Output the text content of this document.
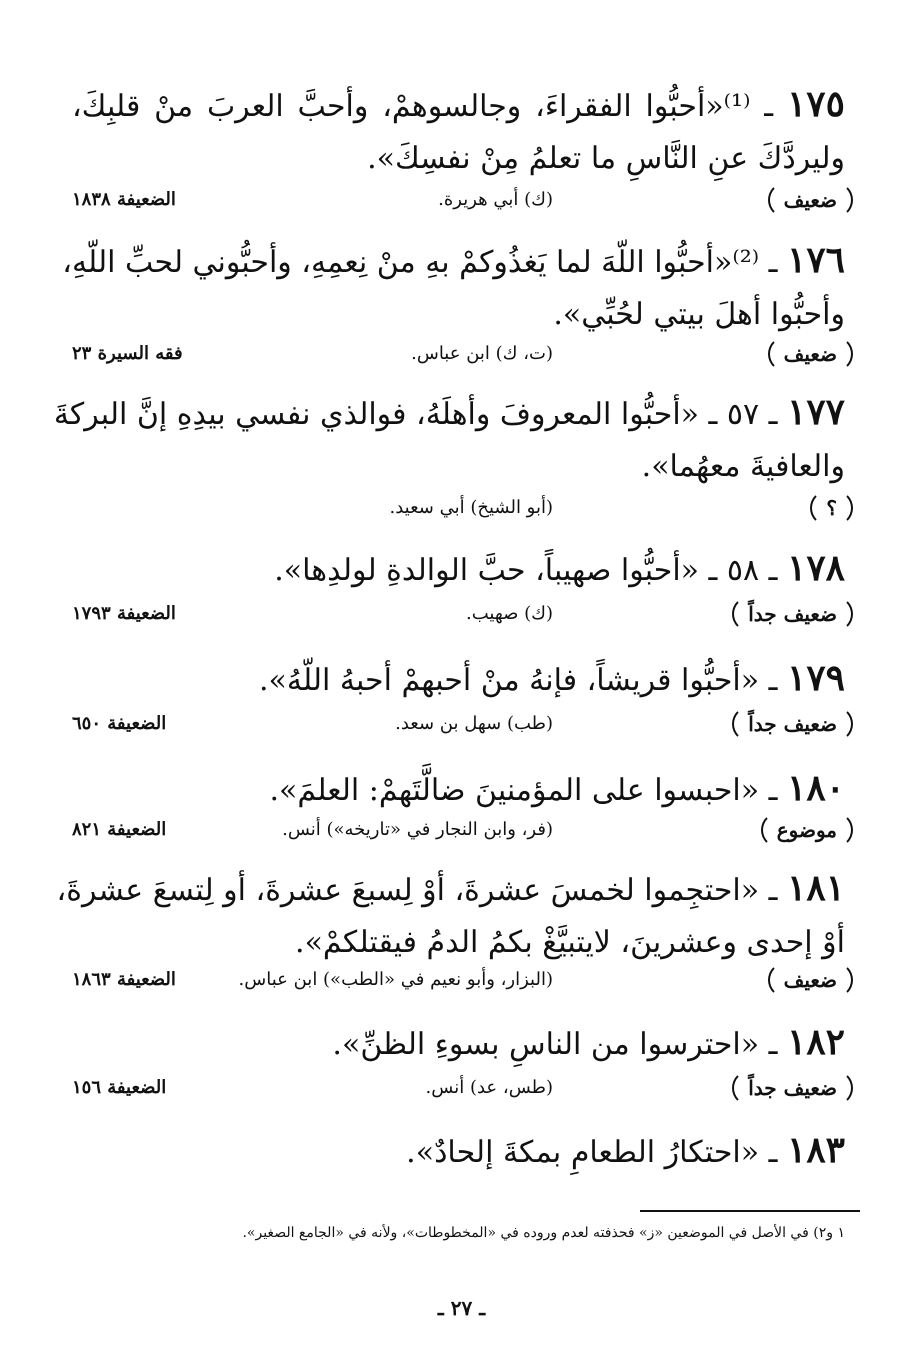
١٧٥ ـ ⁽¹⁾«أحبُّوا الفقراءَ، وجالسوهمْ، وأحبَّ العربَ منْ قلبِكَ،
وليردَّكَ عنِ النَّاسِ ما تعلمُ مِنْ نفسِكَ».
ضعيف
(ك) أبي هريرة.
الضعيفة ١٨٣٨
١٧٦ ـ ⁽²⁾«أحبُّوا اللّهَ لما يَغذُوكمْ بهِ منْ نِعمِهِ، وأحبُّوني لحبِّ اللّهِ،
وأحبُّوا أهلَ بيتي لحُبِّي».
ضعيف
(ت، ك) ابن عباس.
فقه السيرة ٢٣
١٧٧ ـ ٥٧ ـ «أحبُّوا المعروفَ وأهلَهُ، فوالذي نفسي بيدِهِ إنَّ البركةَ
والعافيةَ معهُما».
؟
(أبو الشيخ) أبي سعيد.
١٧٨ ـ ٥٨ ـ «أحبُّوا صهيباً، حبَّ الوالدةِ لولدِها».
ضعيف جداً
(ك) صهيب.
الضعيفة ١٧٩٣
١٧٩ ـ «أحبُّوا قريشاً، فإنهُ منْ أحبهمْ أحبهُ اللّهُ».
ضعيف جداً
(طب) سهل بن سعد.
الضعيفة ٦٥٠
١٨٠ ـ «احبسوا على المؤمنينَ ضالَّتَهمْ: العلمَ».
موضوع
(فر، وابن النجار في «تاريخه») أنس.
الضعيفة ٨٢١
١٨١ ـ «احتجِموا لخمسَ عشرةَ، أوْ لِسبعَ عشرةَ، أو لِتسعَ عشرةَ،
أوْ إحدى وعشرينَ، لايتبيَّغْ بكمُ الدمُ فيقتلكمْ».
ضعيف
(البزار، وأبو نعيم في «الطب») ابن عباس.
الضعيفة ١٨٦٣
١٨٢ ـ «احترسوا من الناسِ بسوءِ الظنِّ».
ضعيف جداً
(طس، عد) أنس.
الضعيفة ١٥٦
١٨٣ ـ «احتكارُ الطعامِ بمكةَ إلحادٌ».
١ و٢) في الأصل في الموضعين «ز» فحذفته لعدم وروده في «المخطوطات»، ولأنه في «الجامع الصغير».
ـ ٢٧ ـ
